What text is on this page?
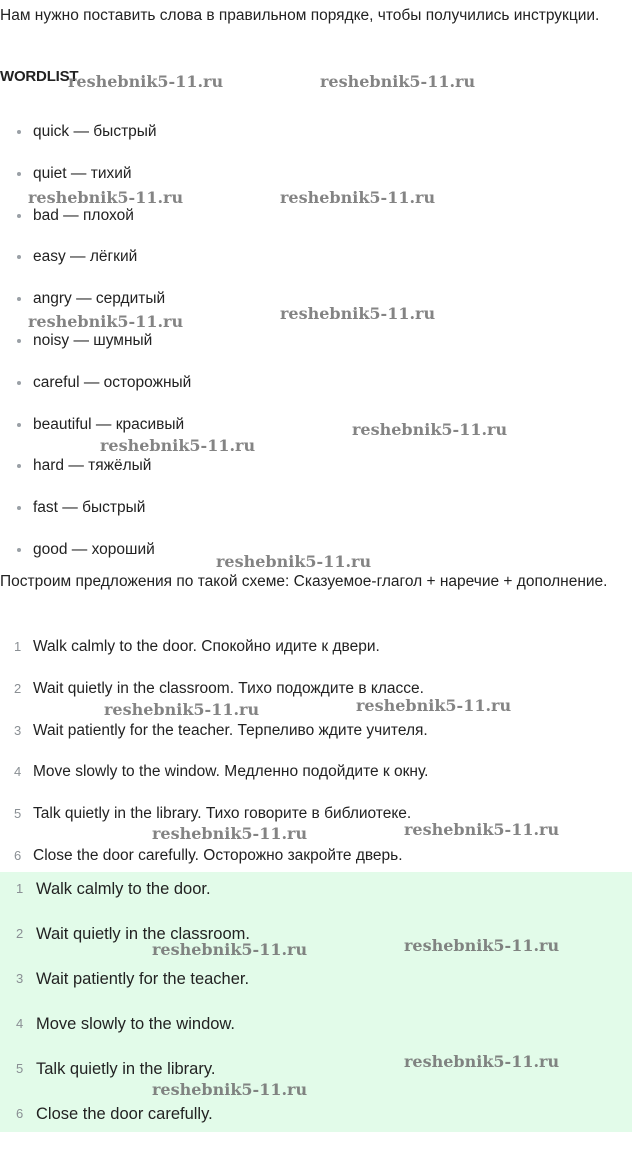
Нам нужно поставить слова в правильном порядке, чтобы получились инструкции.

WORDLIST
quick — быстрый
quiet — тихий
bad — плохой
easy — лёгкий
angry — сердитый
noisy — шумный
careful — осторожный
beautiful — красивый
hard — тяжёлый
fast — быстрый
good — хороший

Построим предложения по такой схеме: Сказуемое-глагол + наречие + дополнение.

1 Walk calmly to the door. Спокойно идите к двери.
2 Wait quietly in the classroom. Тихо подождите в классе.
3 Wait patiently for the teacher. Терпеливо ждите учителя.
4 Move slowly to the window. Медленно подойдите к окну.
5 Talk quietly in the library. Тихо говорите в библиотеке.
6 Close the door carefully. Осторожно закройте дверь.
1 Walk calmly to the door.
2 Wait quietly in the classroom.
3 Wait patiently for the teacher.
4 Move slowly to the window.
5 Talk quietly in the library.
6 Close the door carefully.
reshebnik5-11.ru	reshebnik5-11.ru
reshebnik5-11.ru	reshebnik5-11.ru
reshebnik5-11.ru	reshebnik5-11.ru
reshebnik5-11.ru
reshebnik5-11.ru
reshebnik5-11.ru
reshebnik5-11.ru	reshebnik5-11.ru
reshebnik5-11.ru	reshebnik5-11.ru
reshebnik5-11.ru	reshebnik5-11.ru
reshebnik5-11.ru
reshebnik5-11.ru
